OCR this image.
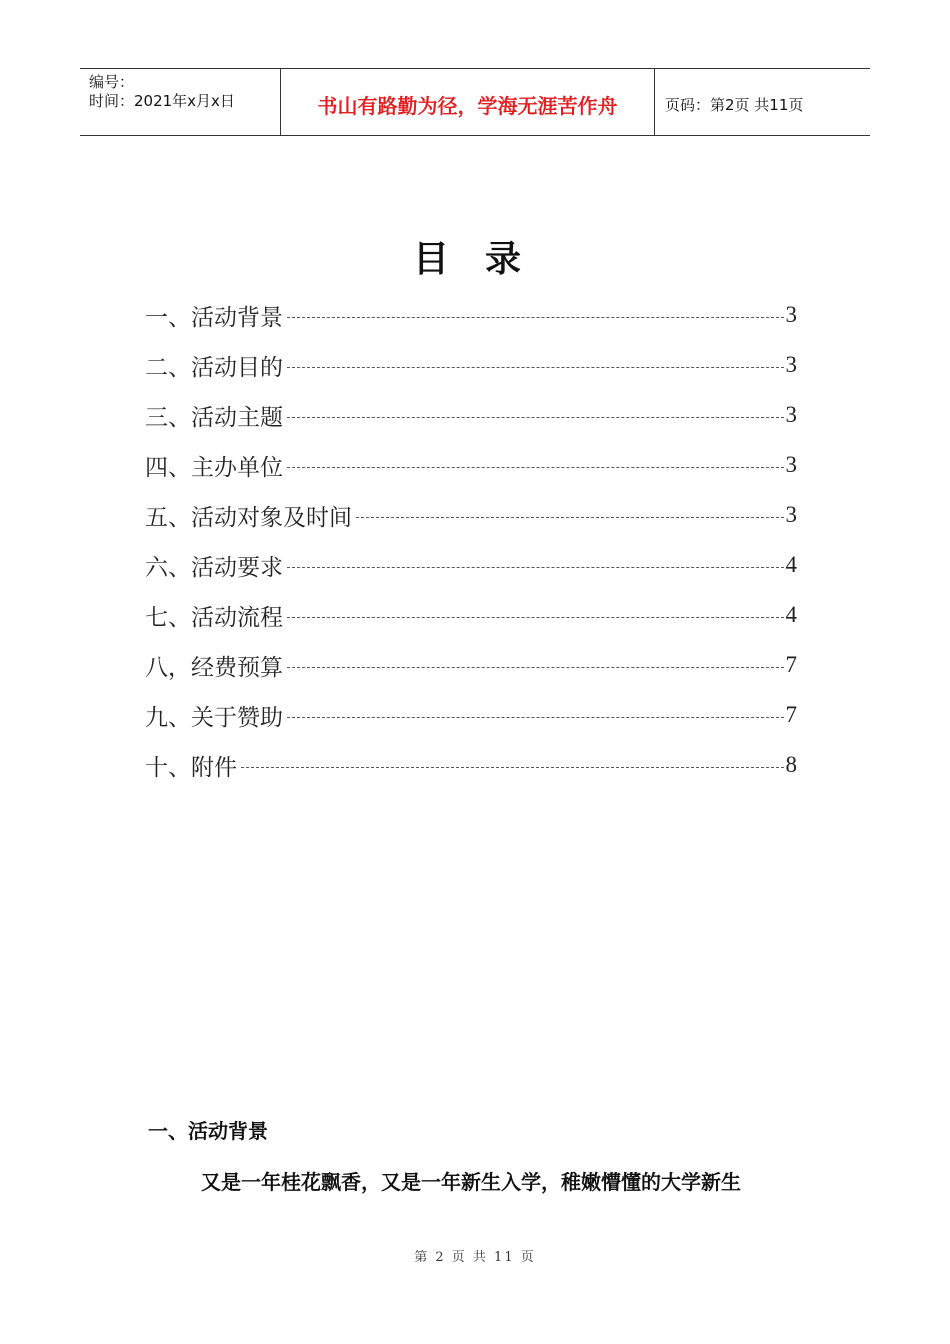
编号：
时间：2021年x月x日	书山有路勤为径，学海无涯苦作舟	页码：第2页 共11页
目录
一、活动背景	3
二、活动目的	3
三、活动主题	3
四、主办单位	3
五、活动对象及时间	3
六、活动要求	4
七、活动流程	4
八，经费预算	7
九、关于赞助	7
十、附件	8
一、活动背景
又是一年桂花飘香，又是一年新生入学，稚嫩懵懂的大学新生
第 2 页 共 11 页
